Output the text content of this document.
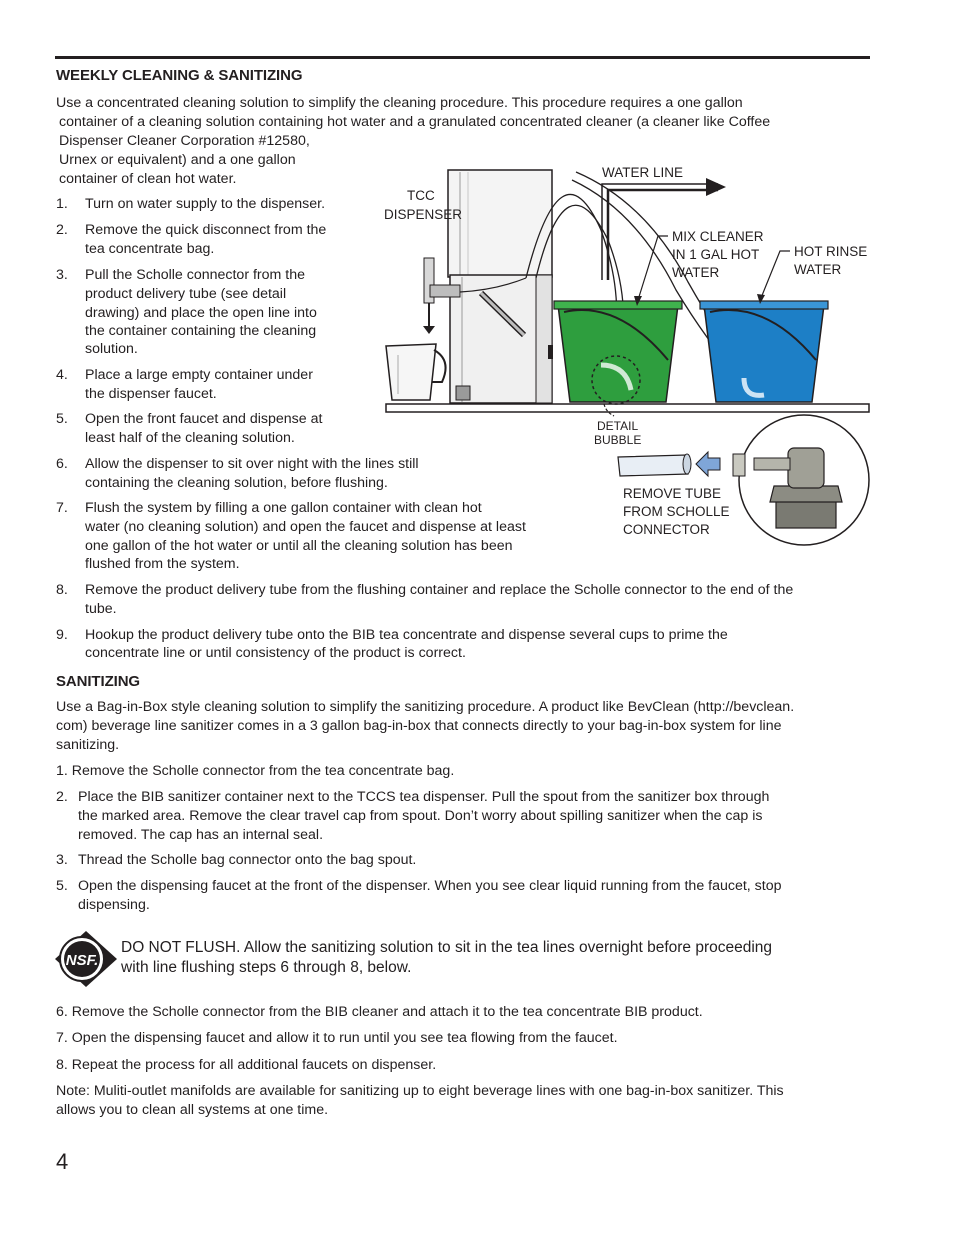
WEEKLY CLEANING & SANITIZING
Use a concentrated cleaning solution to simplify the cleaning procedure. This procedure requires a one gallon
container of a cleaning solution containing hot water and a granulated concentrated cleaner (a cleaner like Coffee
Dispenser Cleaner Corporation #12580,
Urnex or equivalent) and a one gallon
container of clean hot water.
1. Turn on water supply to the dispenser.
2. Remove the quick disconnect from the
tea concentrate bag.
3. Pull the Scholle connector from the
product delivery tube (see detail
drawing) and place the open line into
the container containing the cleaning
solution.
4. Place a large empty container under
the dispenser faucet.
5. Open the front faucet and dispense at
least half of the cleaning solution.
6. Allow the dispenser to sit over night with the lines still
containing the cleaning solution, before flushing.
7. Flush the system by filling a one gallon container with clean hot
water (no cleaning solution) and open the faucet and dispense at least
one gallon of the hot water or until all the cleaning solution has been
flushed from the system.
8. Remove the product delivery tube from the flushing container and replace the Scholle connector to the end of the
tube.
9. Hookup the product delivery tube onto the BIB tea concentrate and dispense several cups to prime the
concentrate line or until consistency of the product is correct.
TCC
DISPENSER
WATER LINE
MIX CLEANER
IN 1 GAL HOT
WATER
HOT RINSE
WATER
DETAIL
BUBBLE
REMOVE TUBE
FROM SCHOLLE
CONNECTOR
SANITIZING
Use a Bag-in-Box style cleaning solution to simplify the sanitizing procedure. A product like BevClean (http://bevclean.
com) beverage line sanitizer comes in a 3 gallon bag-in-box that connects directly to your bag-in-box system for line
sanitizing.
1. Remove the Scholle connector from the tea concentrate bag.
2. Place the BIB sanitizer container next to the TCCS tea dispenser. Pull the spout from the sanitizer box through
the marked area. Remove the clear travel cap from spout. Don’t worry about spilling sanitizer when the cap is
removed. The cap has an internal seal.
3. Thread the Scholle bag connector onto the bag spout.
5. Open the dispensing faucet at the front of the dispenser. When you see clear liquid running from the faucet, stop
dispensing.
NSF.
DO NOT FLUSH. Allow the sanitizing solution to sit in the tea lines overnight before proceeding
with line flushing steps 6 through 8, below.
6. Remove the Scholle connector from the BIB cleaner and attach it to the tea concentrate BIB product.
7. Open the dispensing faucet and allow it to run until you see tea flowing from the faucet.
8. Repeat the process for all additional faucets on dispenser.
Note: Muliti-outlet manifolds are available for sanitizing up to eight beverage lines with one bag-in-box sanitizer. This
allows you to clean all systems at one time.
4
